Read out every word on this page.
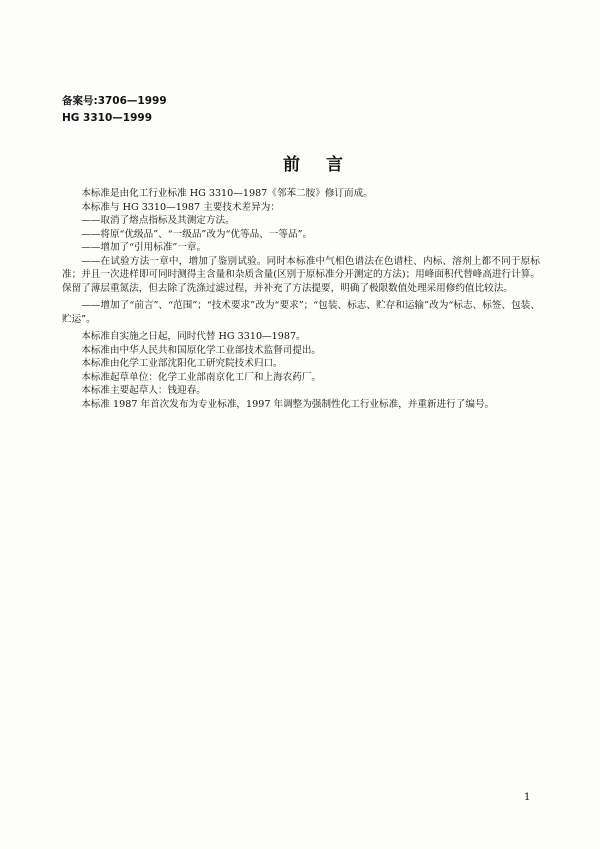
备案号:3706—1999
HG 3310—1999
前言

本标准是由化工行业标准 HG 3310—1987《邻苯二胺》修订而成。

本标准与 HG 3310—1987 主要技术差异为：

——取消了熔点指标及其测定方法。

——将原“优级品”、“一级品”改为“优等品、一等品”。

——增加了“引用标准”一章。

——在试验方法一章中，增加了鉴别试验。同时本标准中气相色谱法在色谱柱、内标、溶剂上都不同于原标准；并且一次进样即可同时测得主含量和杂质含量(区别于原标准分开测定的方法)；用峰面积代替峰高进行计算。保留了薄层重氮法，但去除了洗涤过滤过程，并补充了方法提要，明确了极限数值处理采用修约值比较法。

——增加了“前言”、“范围”；“技术要求”改为“要求”；“包装、标志、贮存和运输”改为“标志、标签、包装、贮运”。

本标准自实施之日起，同时代替 HG 3310—1987。

本标准由中华人民共和国原化学工业部技术监督司提出。

本标准由化学工业部沈阳化工研究院技术归口。

本标准起草单位：化学工业部南京化工厂和上海农药厂。

本标准主要起草人：钱迎春。

本标准 1987 年首次发布为专业标准，1997 年调整为强制性化工行业标准，并重新进行了编号。

1
